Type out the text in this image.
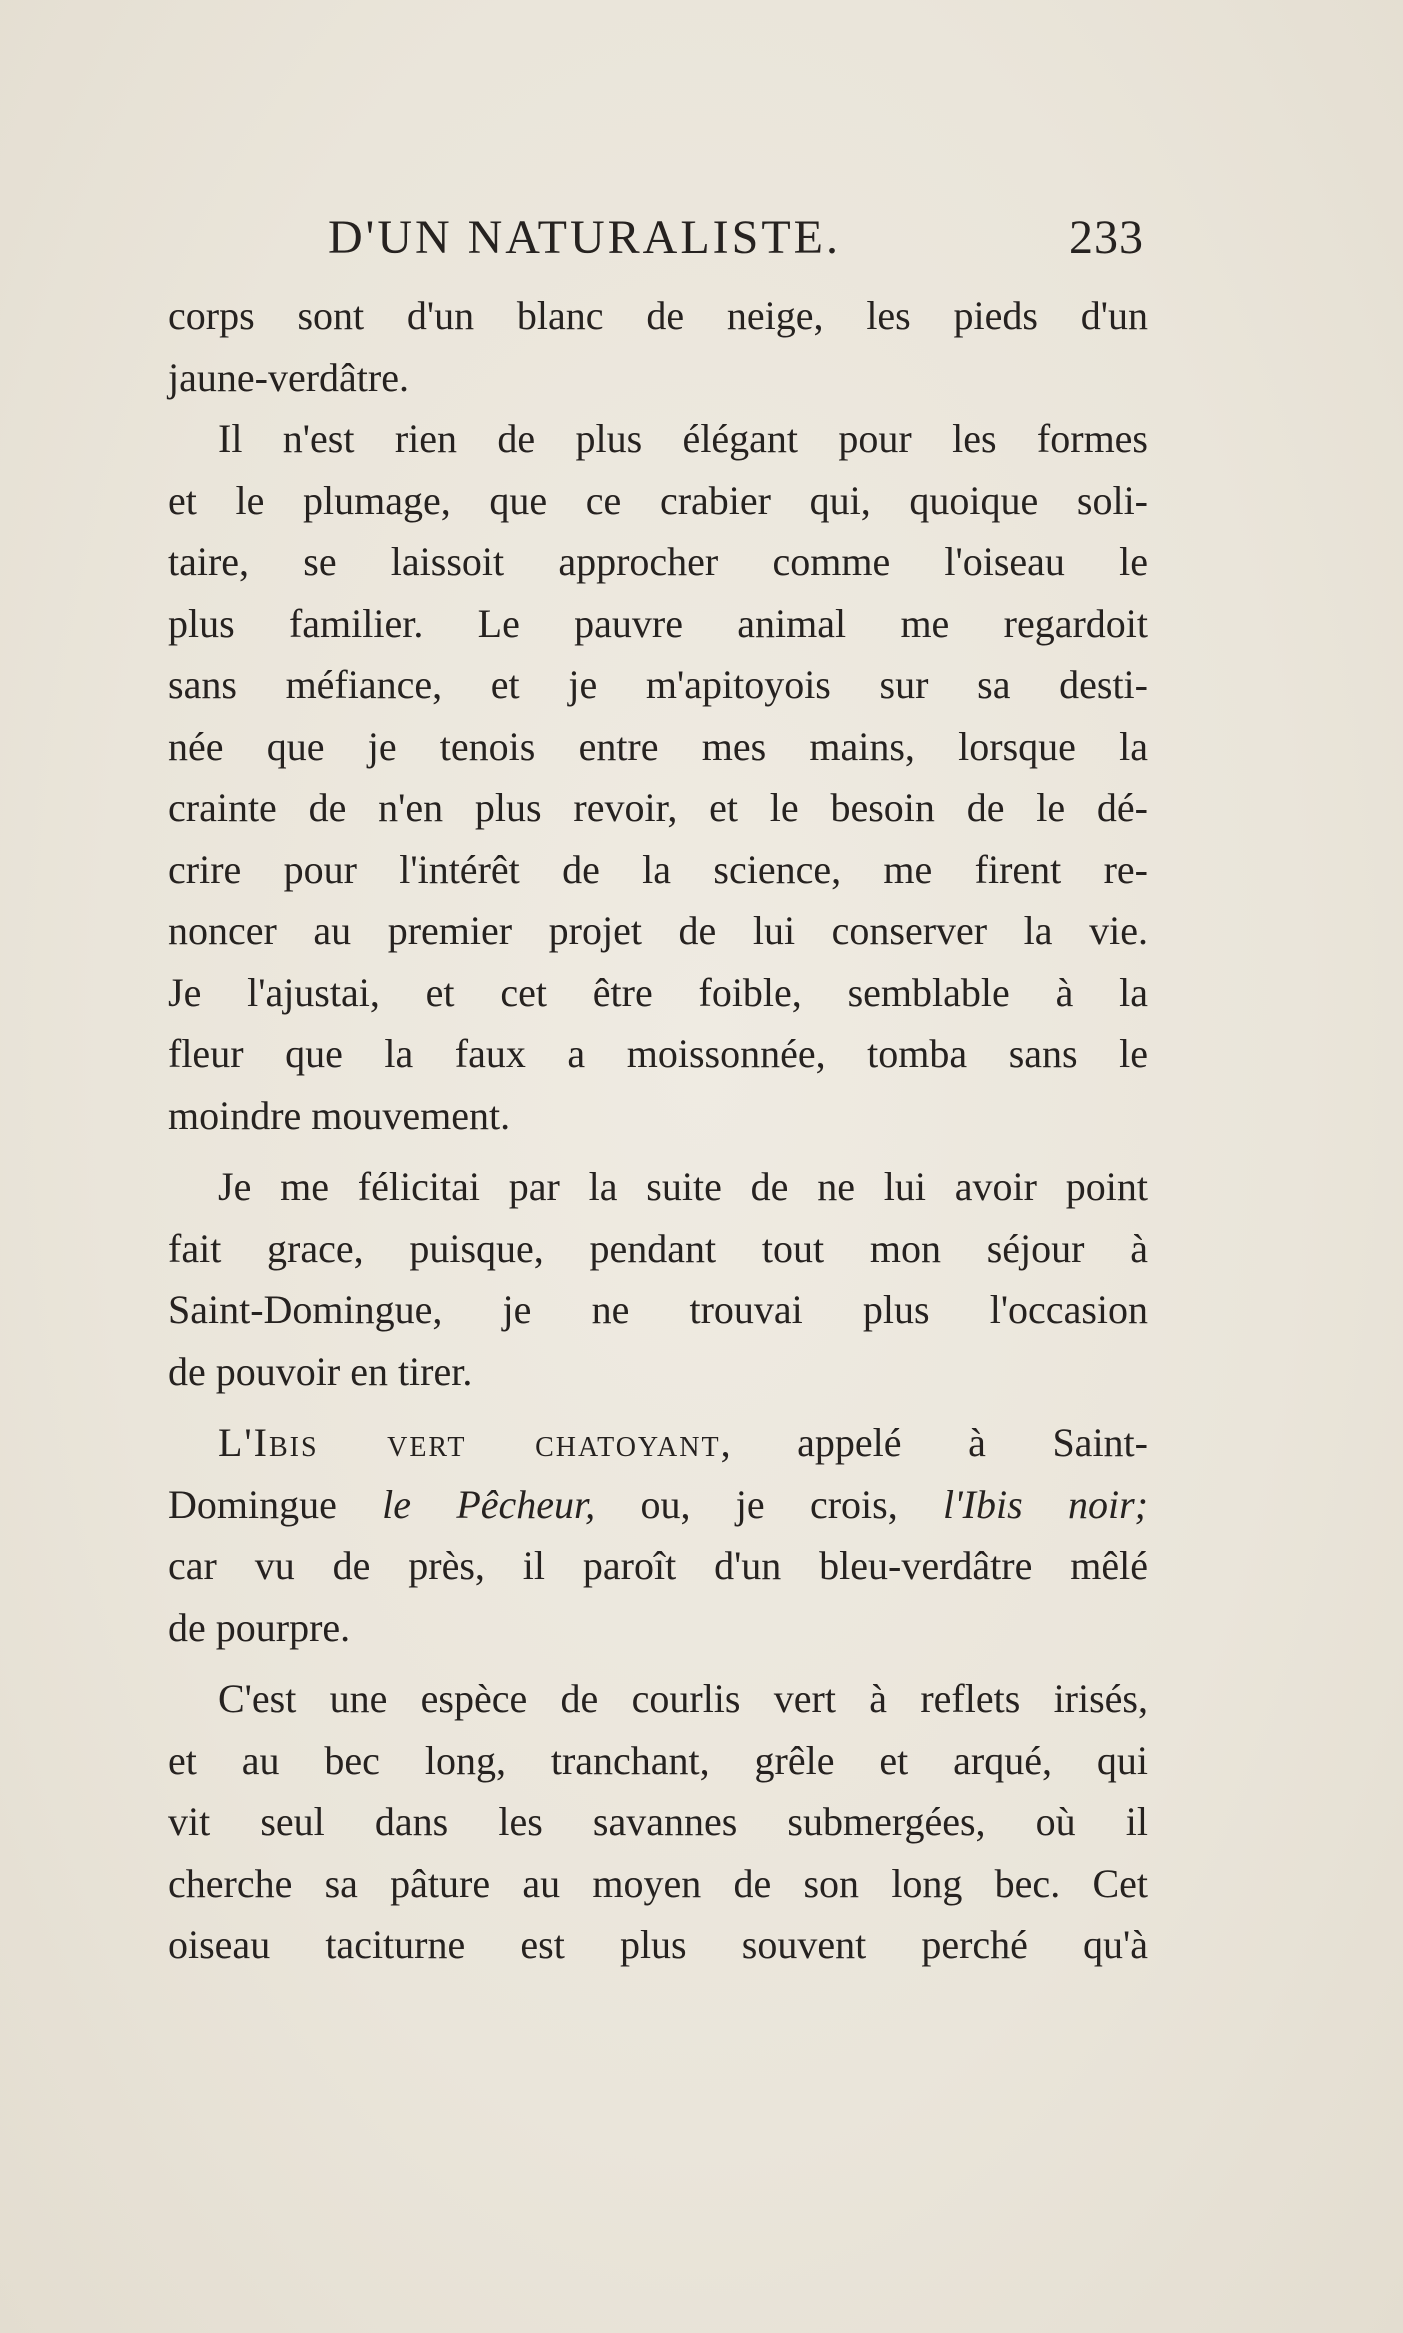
D'UN NATURALISTE.	233
corps sont d'un blanc de neige, les pieds d'un
jaune-verdâtre.
Il n'est rien de plus élégant pour les formes
et le plumage, que ce crabier qui, quoique soli-
taire, se laissoit approcher comme l'oiseau le
plus familier. Le pauvre animal me regardoit
sans méfiance, et je m'apitoyois sur sa desti-
née que je tenois entre mes mains, lorsque la
crainte de n'en plus revoir, et le besoin de le dé-
crire pour l'intérêt de la science, me firent re-
noncer au premier projet de lui conserver la vie.
Je l'ajustai, et cet être foible, semblable à la
fleur que la faux a moissonnée, tomba sans le
moindre mouvement.
Je me félicitai par la suite de ne lui avoir point
fait grace, puisque, pendant tout mon séjour à
Saint-Domingue, je ne trouvai plus l'occasion
de pouvoir en tirer.
L'Ibis vert chatoyant, appelé à Saint-
Domingue le Pêcheur, ou, je crois, l'Ibis noir;
car vu de près, il paroît d'un bleu-verdâtre mêlé
de pourpre.
C'est une espèce de courlis vert à reflets irisés,
et au bec long, tranchant, grêle et arqué, qui
vit seul dans les savannes submergées, où il
cherche sa pâture au moyen de son long bec. Cet
oiseau taciturne est plus souvent perché qu'à
